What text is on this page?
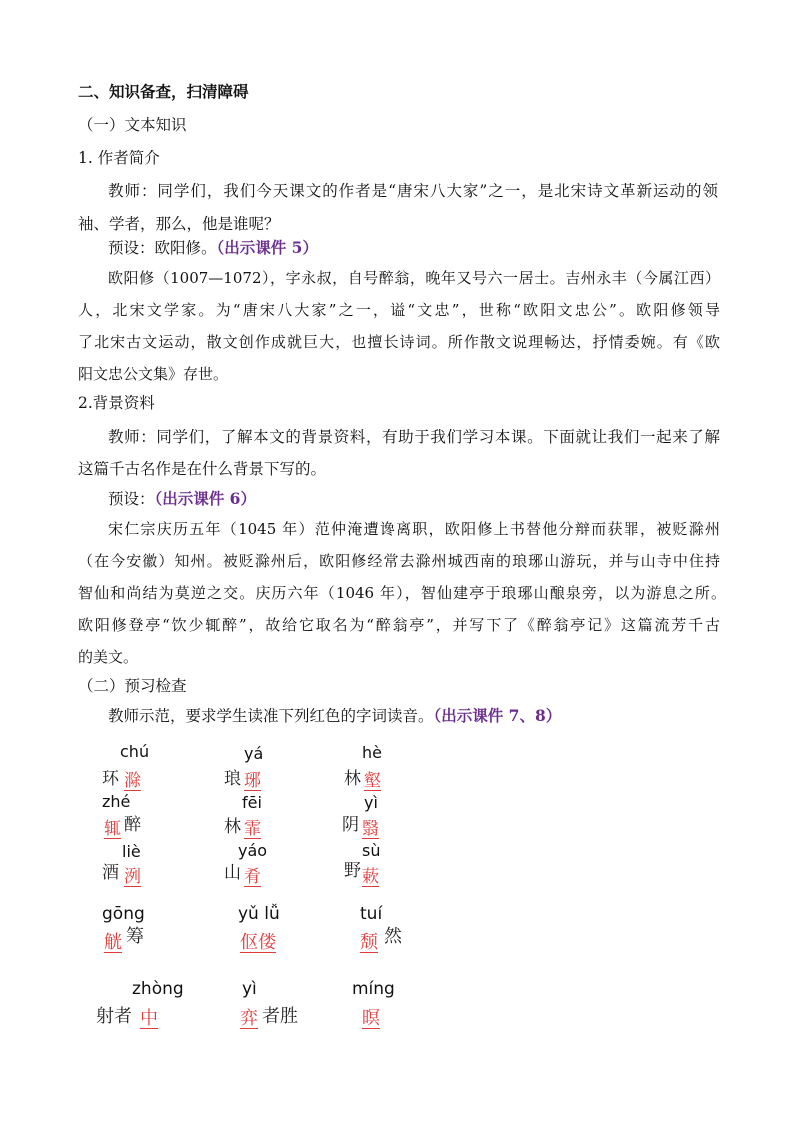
二、知识备查，扫清障碍
（一）文本知识
1. 作者简介
教师：同学们，我们今天课文的作者是“唐宋八大家”之一，是北宋诗文革新运动的领
袖、学者，那么，他是谁呢？
预设：欧阳修。（出示课件 5）
欧阳修（1007—1072），字永叔，自号醉翁，晚年又号六一居士。吉州永丰（今属江西）
人，北宋文学家。为“唐宋八大家”之一，谥“文忠”，世称“欧阳文忠公”。欧阳修领导
了北宋古文运动，散文创作成就巨大，也擅长诗词。所作散文说理畅达，抒情委婉。有《欧
阳文忠公文集》存世。
2.背景资料
教师：同学们，了解本文的背景资料，有助于我们学习本课。下面就让我们一起来了解
这篇千古名作是在什么背景下写的。
预设：（出示课件 6）
宋仁宗庆历五年（1045 年）范仲淹遭谗离职，欧阳修上书替他分辩而获罪，被贬滁州
（在今安徽）知州。被贬滁州后，欧阳修经常去滁州城西南的琅琊山游玩，并与山寺中住持
智仙和尚结为莫逆之交。庆历六年（1046 年），智仙建亭于琅琊山酿泉旁，以为游息之所。
欧阳修登亭“饮少辄醉”，故给它取名为“醉翁亭”，并写下了《醉翁亭记》这篇流芳千古
的美文。
（二）预习检查
教师示范，要求学生读准下列红色的字词读音。（出示课件 7、8）
chú
环 滁
yá
琅 琊
hè
林 壑
zhé
辄 醉
fēi
林 霏
yì
阴 翳
liè
酒 洌
yáo
山 肴
sù
野 蔌
gōng
觥 筹
yǔ lǚ
伛偻
tuí
颓 然
zhòng
射者 中
yì
弈 者胜
míng
暝
